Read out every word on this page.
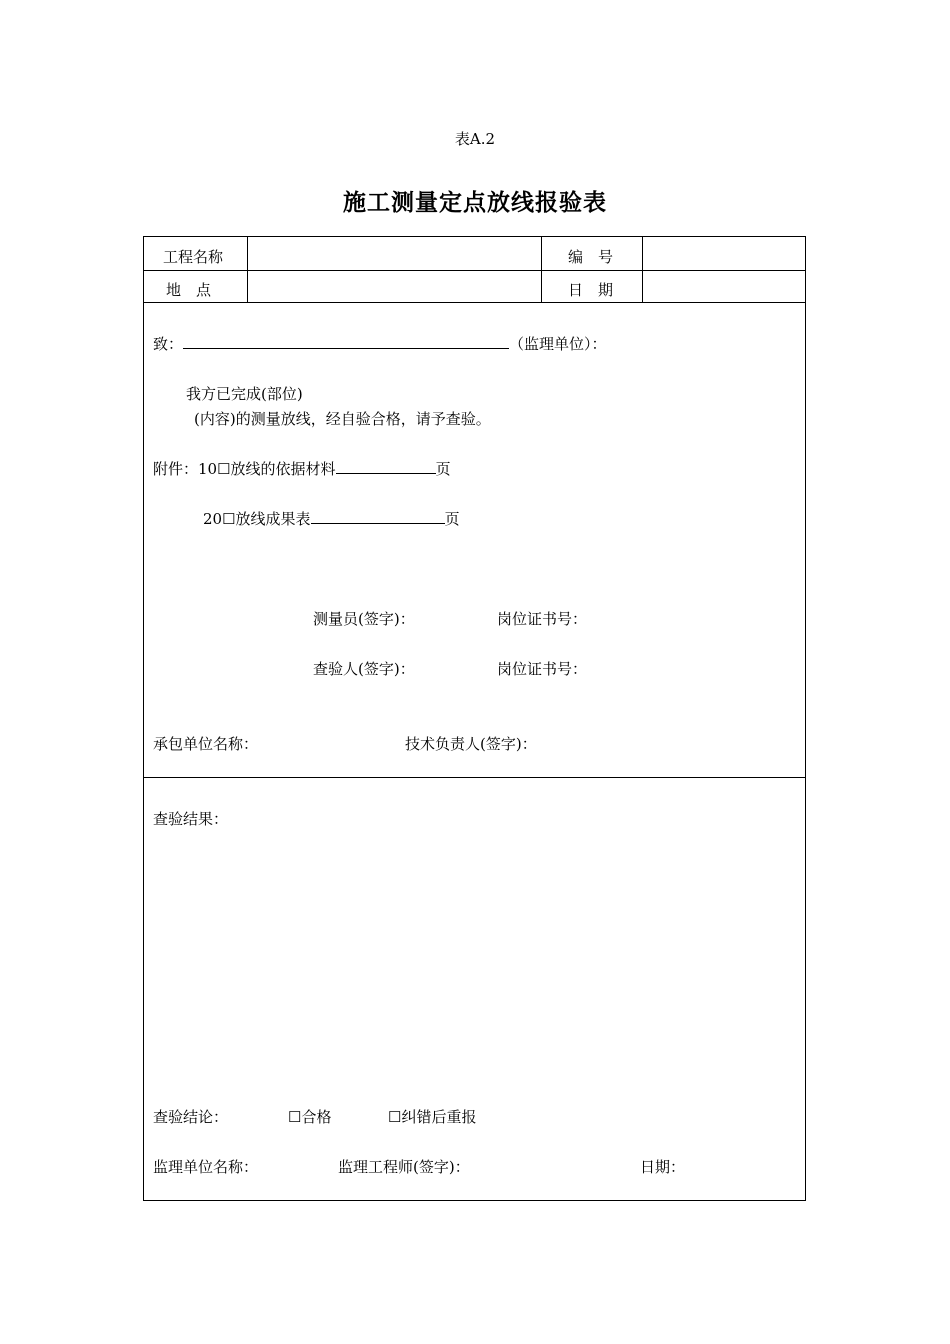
表A.2
施工测量定点放线报验表
工程名称	编　号
地　点	日　期
致：	（监理单位）：
我方已完成(部位)
(内容)的测量放线，经自验合格，请予查验。
附件：10☐放线的依据材料	页
20☐放线成果表	页
测量员(签字)：	岗位证书号：
查验人(签字)：	岗位证书号：
承包单位名称：	技术负责人(签字)：
查验结果：
查验结论：	☐合格	☐纠错后重报
监理单位名称：	监理工程师(签字)：	日期：
